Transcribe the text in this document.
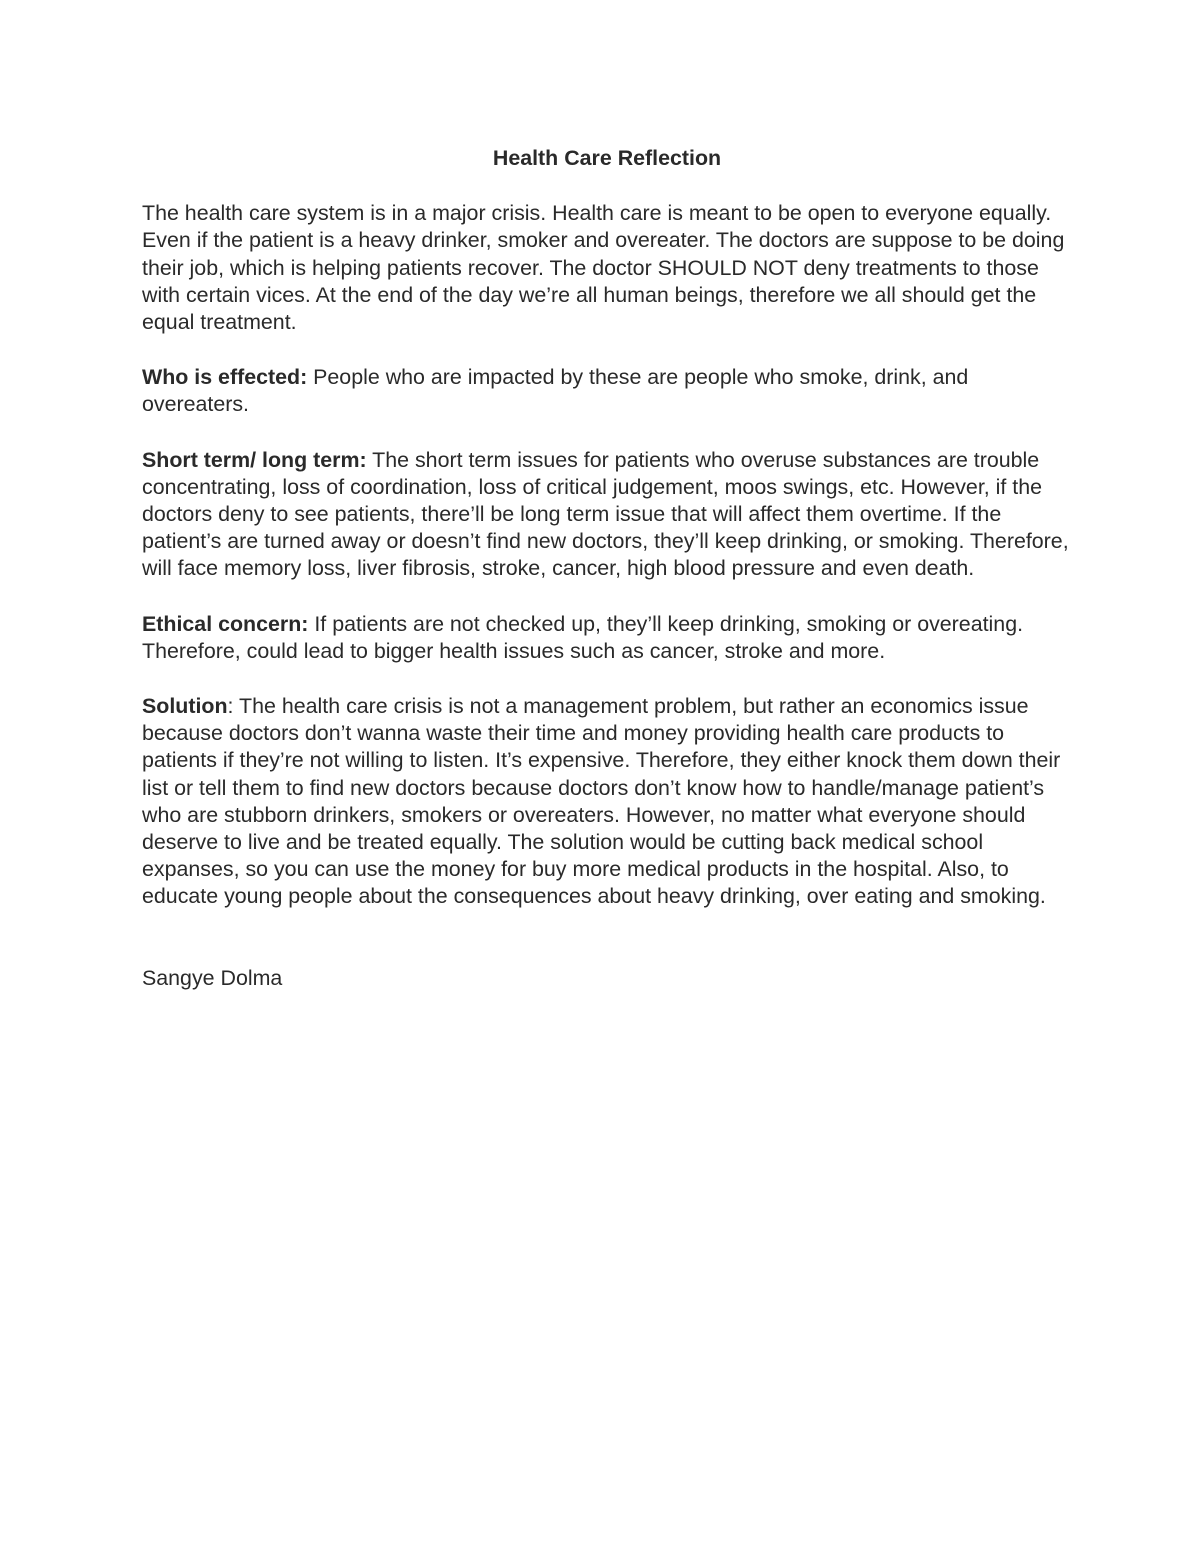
Health Care Reflection

The health care system is in a major crisis. Health care is meant to be open to everyone equally. Even if the patient is a heavy drinker, smoker and overeater. The doctors are suppose to be doing their job, which is helping patients recover. The doctor SHOULD NOT deny treatments to those with certain vices. At the end of the day we’re all human beings, therefore we all should get the equal treatment.

Who is effected: People who are impacted by these are people who smoke, drink, and overeaters.

Short term/ long term: The short term issues for patients who overuse substances are trouble concentrating, loss of coordination, loss of critical judgement, moos swings, etc. However, if the doctors deny to see patients, there’ll be long term issue that will affect them overtime. If the patient’s are turned away or doesn’t find new doctors, they’ll keep drinking, or smoking. Therefore, will face memory loss, liver fibrosis, stroke, cancer, high blood pressure and even death.

Ethical concern: If patients are not checked up, they’ll keep drinking, smoking or overeating. Therefore, could lead to bigger health issues such as cancer, stroke and more.

Solution: The health care crisis is not a management problem, but rather an economics issue because doctors don’t wanna waste their time and money providing health care products to patients if they’re not willing to listen. It’s expensive. Therefore, they either knock them down their list or tell them to find new doctors because doctors don’t know how to handle/manage patient’s who are stubborn drinkers, smokers or overeaters. However, no matter what everyone should deserve to live and be treated equally. The solution would be cutting back medical school expanses, so you can use the money for buy more medical products in the hospital. Also, to educate young people about the consequences about heavy drinking, over eating and smoking.

Sangye Dolma
